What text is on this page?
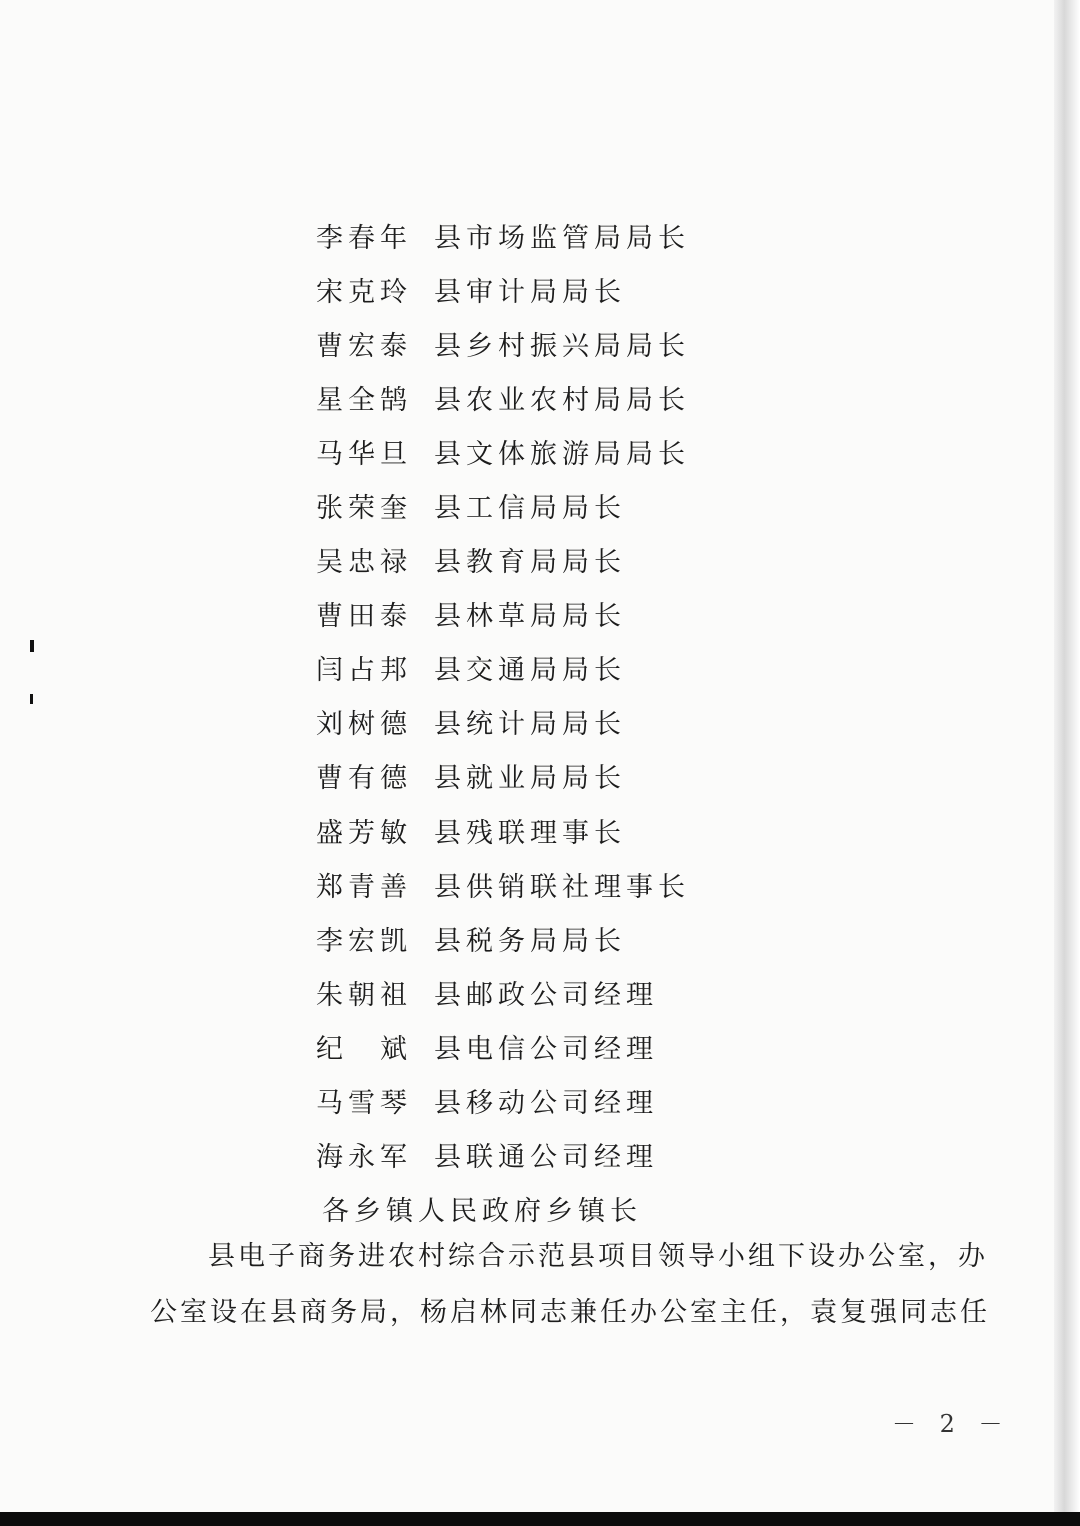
李春年 县市场监管局局长
宋克玲 县审计局局长
曹宏泰 县乡村振兴局局长
星全鹄 县农业农村局局长
马华旦 县文体旅游局局长
张荣奎 县工信局局长
吴忠禄 县教育局局长
曹田泰 县林草局局长
闫占邦 县交通局局长
刘树德 县统计局局长
曹有德 县就业局局长
盛芳敏 县残联理事长
郑青善 县供销联社理事长
李宏凯 县税务局局长
朱朝祖 县邮政公司经理
纪　斌 县电信公司经理
马雪琴 县移动公司经理
海永军 县联通公司经理
各乡镇人民政府乡镇长
县电子商务进农村综合示范县项目领导小组下设办公室，办
公室设在县商务局，杨启林同志兼任办公室主任，袁复强同志任
－ 2 －
